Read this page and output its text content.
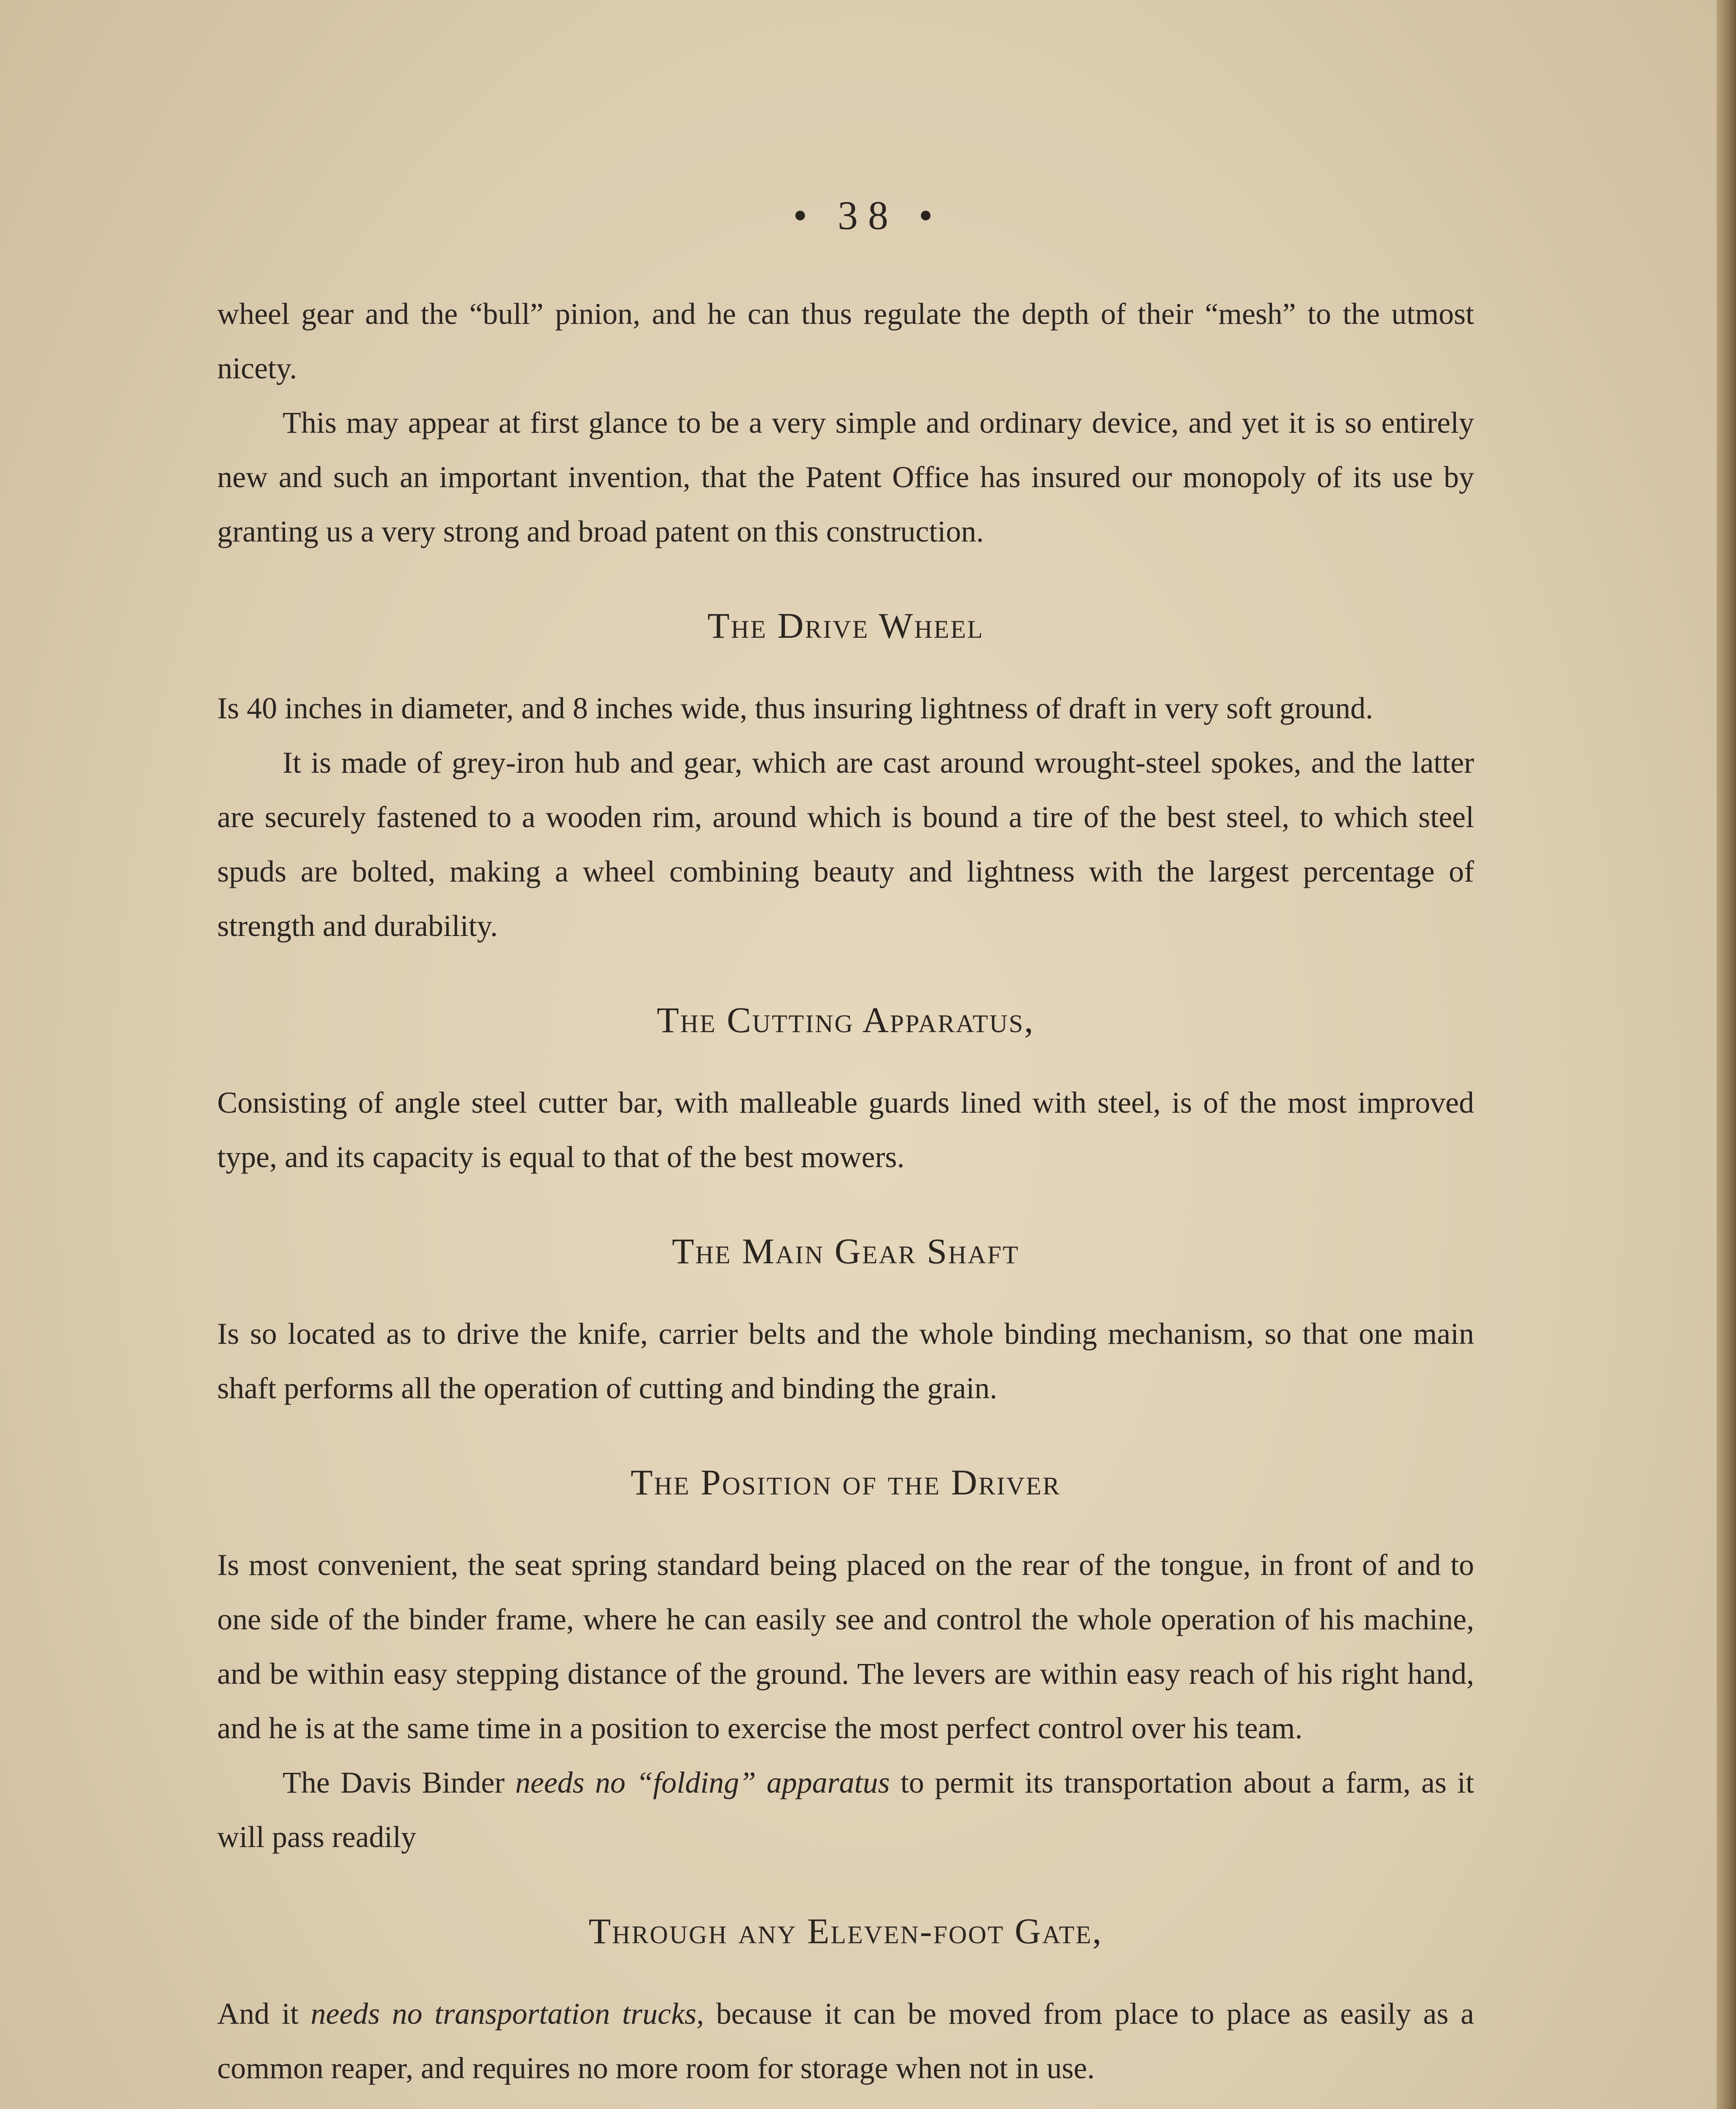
• 38 •

wheel gear and the “bull” pinion, and he can thus regulate the depth of their “mesh” to the utmost nicety.

This may appear at first glance to be a very simple and ordinary device, and yet it is so entirely new and such an important invention, that the Patent Office has insured our monopoly of its use by granting us a very strong and broad patent on this construction.

The Drive Wheel

Is 40 inches in diameter, and 8 inches wide, thus insuring lightness of draft in very soft ground.

It is made of grey-iron hub and gear, which are cast around wrought-steel spokes, and the latter are securely fastened to a wooden rim, around which is bound a tire of the best steel, to which steel spuds are bolted, making a wheel combining beauty and lightness with the largest percentage of strength and durability.

The Cutting Apparatus,

Consisting of angle steel cutter bar, with malleable guards lined with steel, is of the most improved type, and its capacity is equal to that of the best mowers.

The Main Gear Shaft

Is so located as to drive the knife, carrier belts and the whole binding mechanism, so that one main shaft performs all the operation of cutting and binding the grain.

The Position of the Driver

Is most convenient, the seat spring standard being placed on the rear of the tongue, in front of and to one side of the binder frame, where he can easily see and control the whole operation of his machine, and be within easy stepping distance of the ground. The levers are within easy reach of his right hand, and he is at the same time in a position to exercise the most perfect control over his team.

The Davis Binder needs no “folding” apparatus to permit its transportation about a farm, as it will pass readily

Through any Eleven-foot Gate,

And it needs no transportation trucks, because it can be moved from place to place as easily as a common reaper, and requires no more room for storage when not in use.
